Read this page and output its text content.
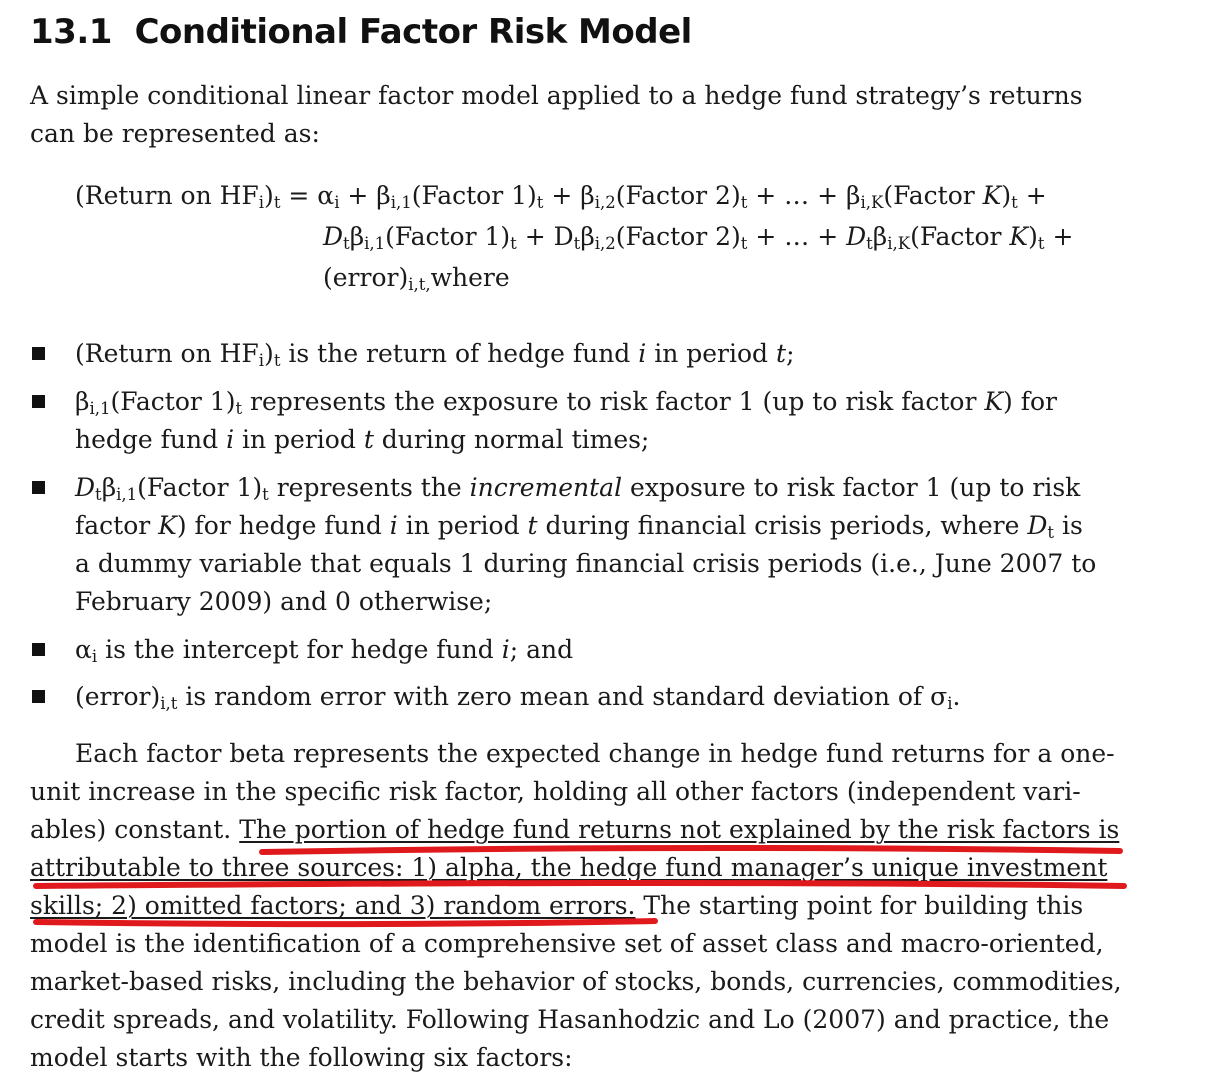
13.1 Conditional Factor Risk Model
A simple conditional linear factor model applied to a hedge fund strategy’s returns
can be represented as:
(Return on $HF_i)_t = \alpha_i$ + $\beta_{i,1}(Factor$ $1)_t$ + $\beta_{i,2}(Factor$ $2)_t$ + … + $\beta_{i,K}(Factor$ $K)_t$ +
$D_t\beta_{i,1}(Factor$ $1)_t$ + $D_t\beta_{i,2}(Factor$ $2)_t$ + … + $D_t\beta_{i,K}(Factor$ $K)_t$ +
$(error)_{i,t,}where$
(Return on $HF_i)_t$ is the return of hedge fund i in period t;
$\beta_{i,1}(Factor$ $1)_t$ represents the exposure to risk factor 1 (up to risk factor K) for
hedge fund i in period t during normal times;
$D_t\beta_{i,1}(Factor$ $1)_t$ represents the incremental exposure to risk factor 1 (up to risk
factor K) for hedge fund i in period t during financial crisis periods, where $D_t$ is
a dummy variable that equals 1 during financial crisis periods (i.e., June 2007 to
February 2009) and 0 otherwise;
$\alpha_i$ is the intercept for hedge fund i; and
$(error)_{i,t}$ is random error with zero mean and standard deviation of $\sigma_i$.
Each factor beta represents the expected change in hedge fund returns for a one-
unit increase in the specific risk factor, holding all other factors (independent vari-
ables) constant. The portion of hedge fund returns not explained by the risk factors is
attributable to three sources: 1) alpha, the hedge fund manager’s unique investment
skills; 2) omitted factors; and 3) random errors. The starting point for building this
model is the identification of a comprehensive set of asset class and macro-oriented,
market-based risks, including the behavior of stocks, bonds, currencies, commodities,
credit spreads, and volatility. Following Hasanhodzic and Lo (2007) and practice, the
model starts with the following six factors:
